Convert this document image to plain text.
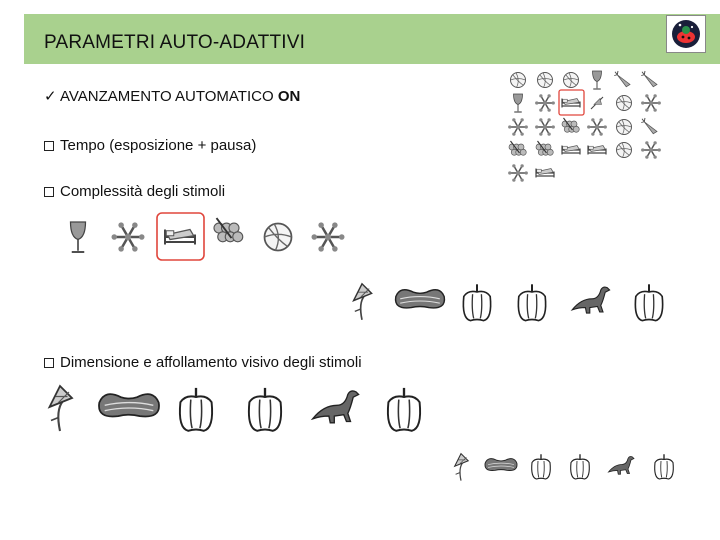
PARAMETRI AUTO-ADATTIVI
✓ AVANZAMENTO AUTOMATICO ON
Tempo (esposizione + pausa)
Complessità degli stimoli
Dimensione e affollamento visivo degli stimoli
